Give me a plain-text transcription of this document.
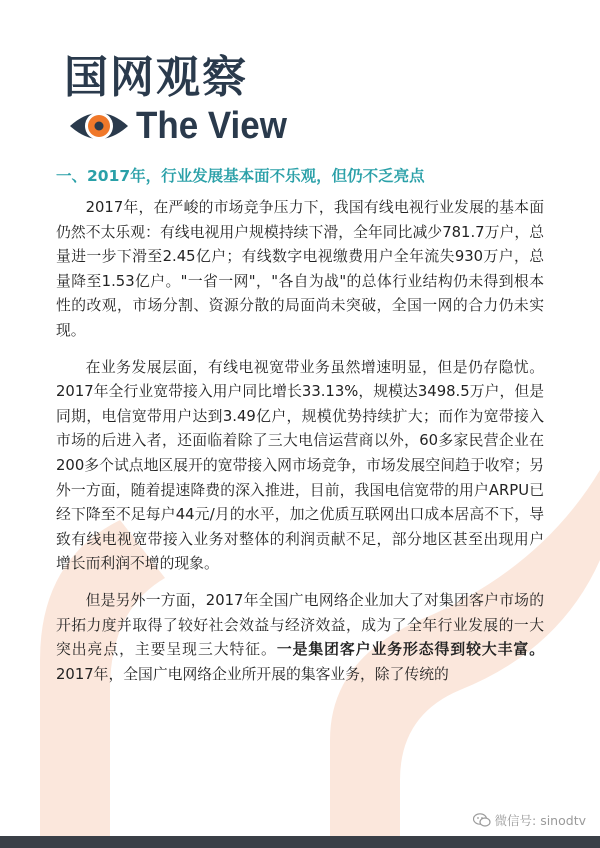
国网观察
The View
一、2017年，行业发展基本面不乐观，但仍不乏亮点

2017年，在严峻的市场竞争压力下，我国有线电视行业发展的基本面仍然不太乐观：有线电视用户规模持续下滑，全年同比减少781.7万户，总量进一步下滑至2.45亿户；有线数字电视缴费用户全年流失930万户，总量降至1.53亿户。"一省一网"，"各自为战"的总体行业结构仍未得到根本性的改观，市场分割、资源分散的局面尚未突破，全国一网的合力仍未实现。

在业务发展层面，有线电视宽带业务虽然增速明显，但是仍存隐忧。2017年全行业宽带接入用户同比增长33.13%，规模达3498.5万户，但是同期，电信宽带用户达到3.49亿户，规模优势持续扩大；而作为宽带接入市场的后进入者，还面临着除了三大电信运营商以外，60多家民营企业在200多个试点地区展开的宽带接入网市场竞争，市场发展空间趋于收窄；另外一方面，随着提速降费的深入推进，目前，我国电信宽带的用户ARPU已经下降至不足每户44元/月的水平，加之优质互联网出口成本居高不下，导致有线电视宽带接入业务对整体的利润贡献不足，部分地区甚至出现用户增长而利润不增的现象。

但是另外一方面，2017年全国广电网络企业加大了对集团客户市场的开拓力度并取得了较好社会效益与经济效益，成为了全年行业发展的一大突出亮点，主要呈现三大特征。一是集团客户业务形态得到较大丰富。2017年，全国广电网络企业所开展的集客业务，除了传统的

微信号: sinodtv
